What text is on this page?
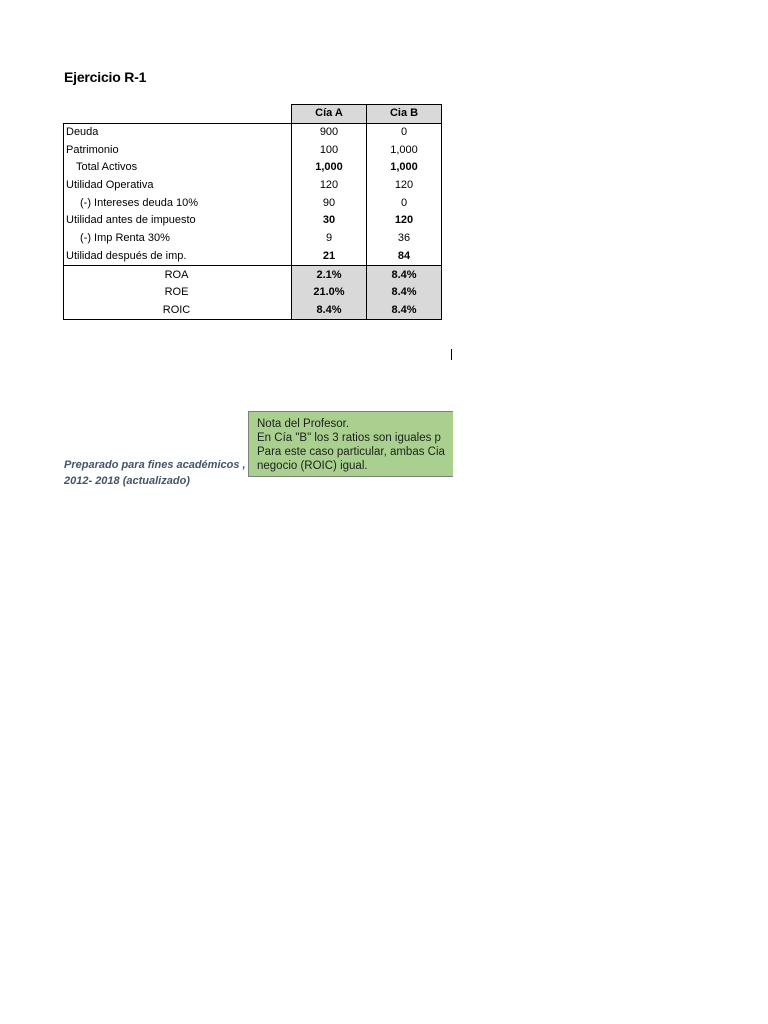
Ejercicio R-1
	Cía A	Cia B
Deuda	900	0
Patrimonio	100	1,000
Total Activos	1,000	1,000
Utilidad Operativa	120	120
(-) Intereses deuda 10%	90	0
Utilidad antes de impuesto	30	120
(-) Imp Renta 30%	9	36
Utilidad después de imp.	21	84
ROA	2.1%	8.4%
ROE	21.0%	8.4%
ROIC	8.4%	8.4%
Nota del Profesor.
En Cía "B" los 3 ratios son iguales p
Para este caso particular, ambas Cia
negocio (ROIC) igual.
Preparado para fines académicos ,
2012- 2018 (actualizado)
